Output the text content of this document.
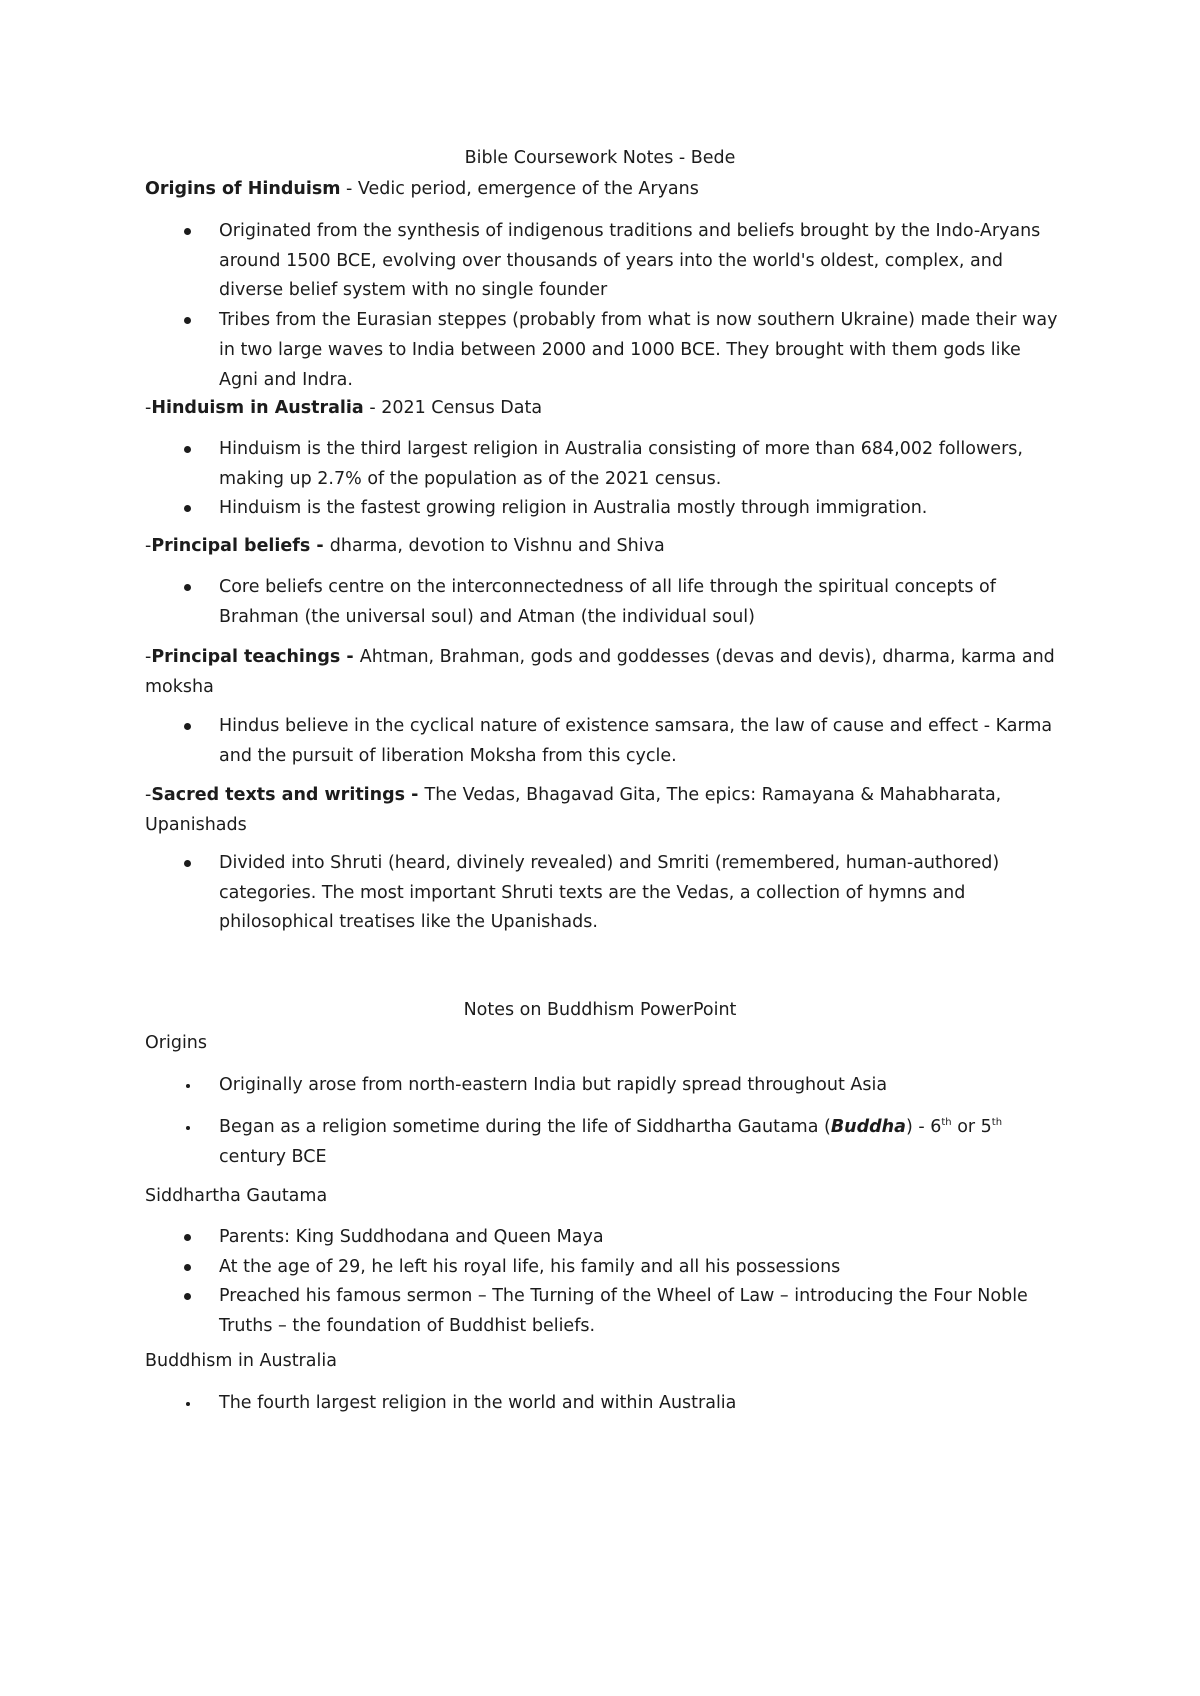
Bible Coursework Notes - Bede

Origins of Hinduism - Vedic period, emergence of the Aryans

Originated from the synthesis of indigenous traditions and beliefs brought by the Indo-Aryans around 1500 BCE, evolving over thousands of years into the world's oldest, complex, and diverse belief system with no single founder
Tribes from the Eurasian steppes (probably from what is now southern Ukraine) made their way in two large waves to India between 2000 and 1000 BCE. They brought with them gods like Agni and Indra.

-Hinduism in Australia - 2021 Census Data

Hinduism is the third largest religion in Australia consisting of more than 684,002 followers, making up 2.7% of the population as of the 2021 census.
Hinduism is the fastest growing religion in Australia mostly through immigration.

-Principal beliefs - dharma, devotion to Vishnu and Shiva

Core beliefs centre on the interconnectedness of all life through the spiritual concepts of Brahman (the universal soul) and Atman (the individual soul)

-Principal teachings - Ahtman, Brahman, gods and goddesses (devas and devis), dharma, karma and moksha

Hindus believe in the cyclical nature of existence samsara, the law of cause and effect - Karma and the pursuit of liberation Moksha from this cycle.

-Sacred texts and writings - The Vedas, Bhagavad Gita, The epics: Ramayana & Mahabharata, Upanishads

Divided into Shruti (heard, divinely revealed) and Smriti (remembered, human-authored) categories. The most important Shruti texts are the Vedas, a collection of hymns and philosophical treatises like the Upanishads.

Notes on Buddhism PowerPoint

Origins

Originally arose from north-eastern India but rapidly spread throughout Asia
Began as a religion sometime during the life of Siddhartha Gautama (Buddha) - 6th or 5th century BCE

Siddhartha Gautama

Parents: King Suddhodana and Queen Maya
At the age of 29, he left his royal life, his family and all his possessions
Preached his famous sermon – The Turning of the Wheel of Law – introducing the Four Noble Truths – the foundation of Buddhist beliefs.

Buddhism in Australia

The fourth largest religion in the world and within Australia
